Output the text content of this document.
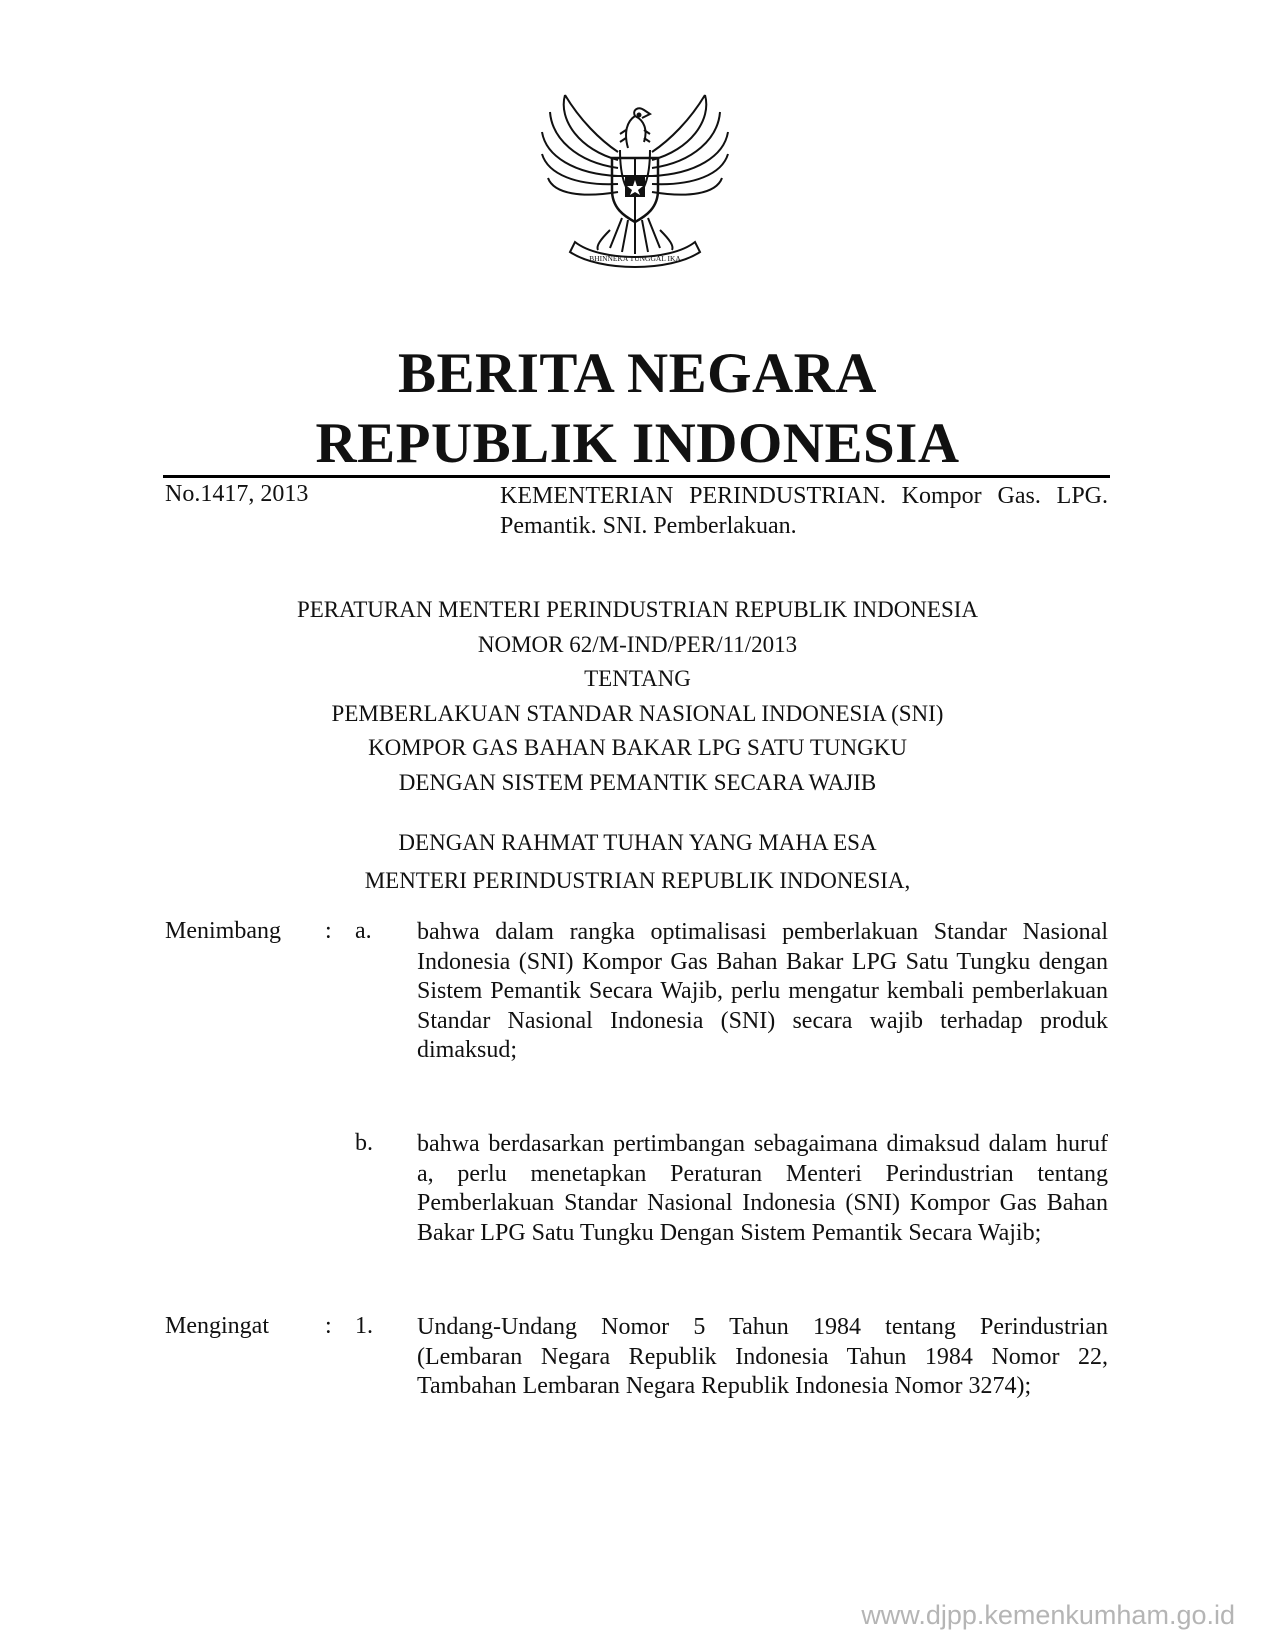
BHINNEKA TUNGGAL IKA
BERITA NEGARA
REPUBLIK INDONESIA
No.1417, 2013	KEMENTERIAN PERINDUSTRIAN. Kompor Gas. LPG. Pemantik. SNI. Pemberlakuan.
PERATURAN MENTERI PERINDUSTRIAN REPUBLIK INDONESIA
NOMOR 62/M-IND/PER/11/2013
TENTANG
PEMBERLAKUAN STANDAR NASIONAL INDONESIA (SNI)
KOMPOR GAS BAHAN BAKAR LPG SATU TUNGKU
DENGAN SISTEM PEMANTIK SECARA WAJIB
DENGAN RAHMAT TUHAN YANG MAHA ESA
MENTERI PERINDUSTRIAN REPUBLIK INDONESIA,
Menimbang : a. bahwa dalam rangka optimalisasi pemberlakuan Standar Nasional Indonesia (SNI) Kompor Gas Bahan Bakar LPG Satu Tungku dengan Sistem Pemantik Secara Wajib, perlu mengatur kembali pemberlakuan Standar Nasional Indonesia (SNI) secara wajib terhadap produk dimaksud;

b. bahwa berdasarkan pertimbangan sebagaimana dimaksud dalam huruf a, perlu menetapkan Peraturan Menteri Perindustrian tentang Pemberlakuan Standar Nasional Indonesia (SNI) Kompor Gas Bahan Bakar LPG Satu Tungku Dengan Sistem Pemantik Secara Wajib;

Mengingat : 1. Undang-Undang Nomor 5 Tahun 1984 tentang Perindustrian (Lembaran Negara Republik Indonesia Tahun 1984 Nomor 22, Tambahan Lembaran Negara Republik Indonesia Nomor 3274);

www.djpp.kemenkumham.go.id
